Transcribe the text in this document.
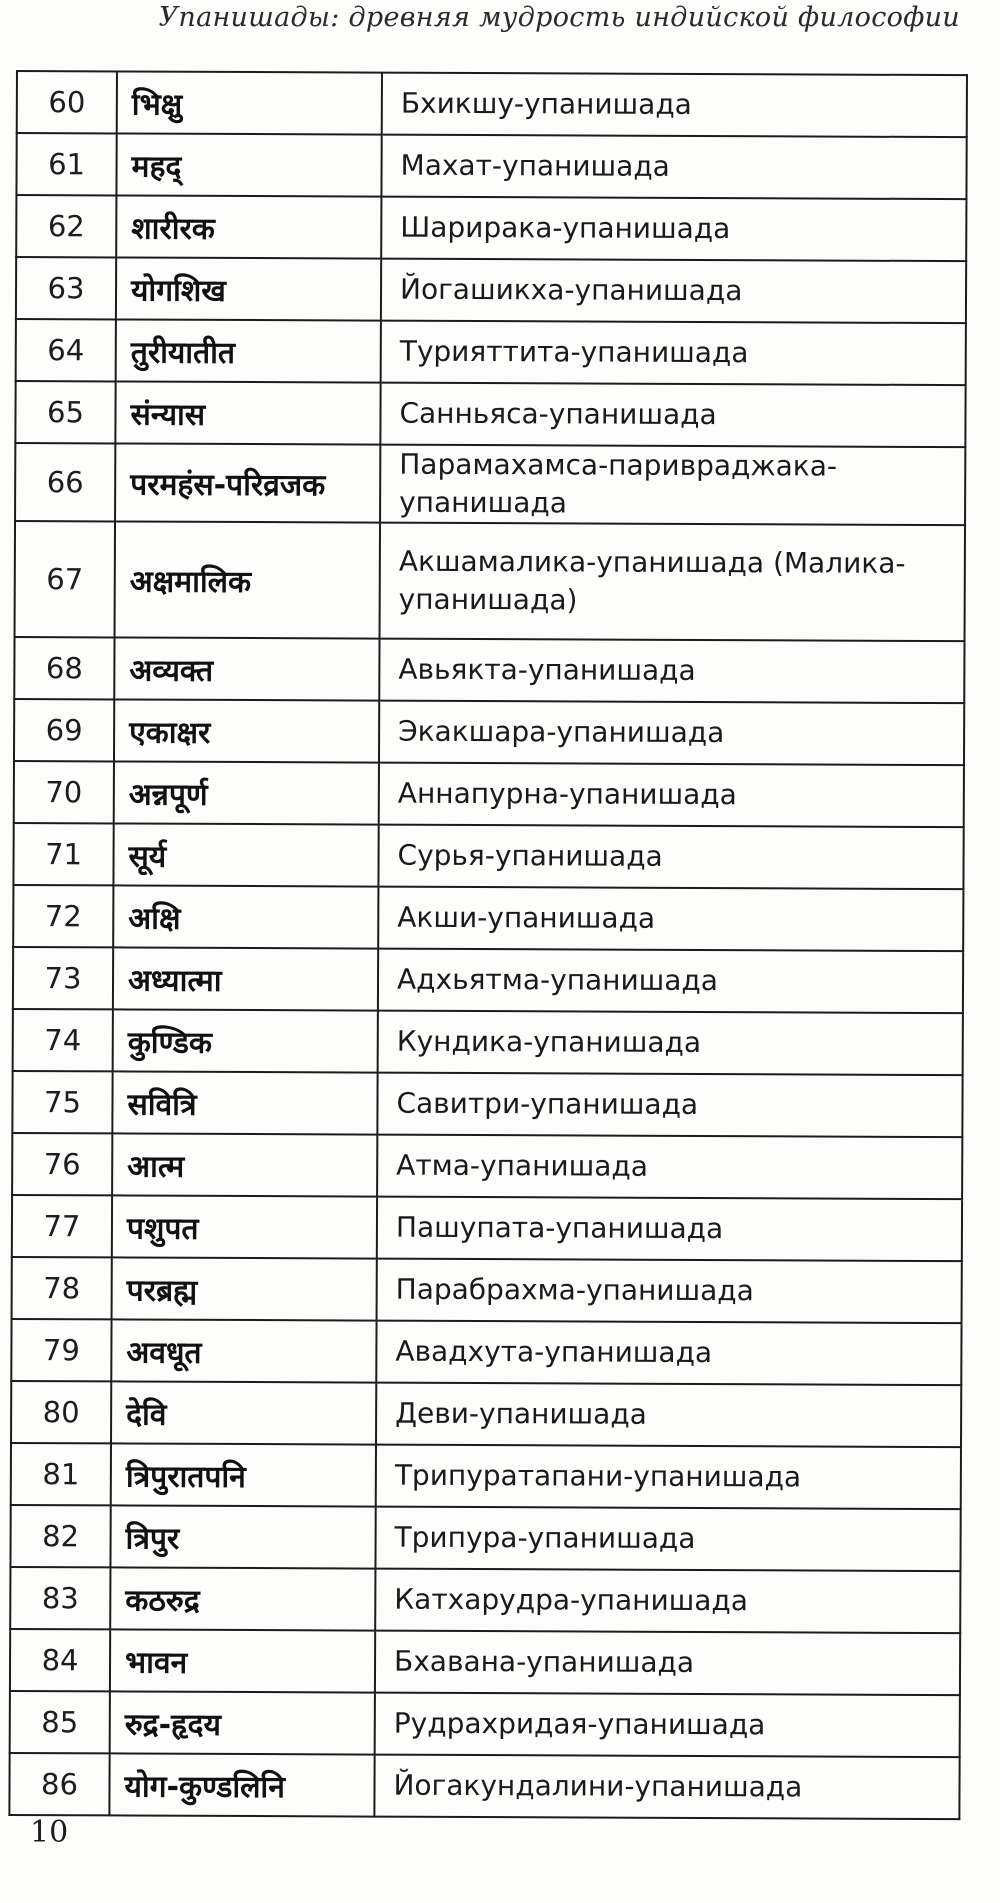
Упанишады: древняя мудрость индийской философии
60	भिक्षु	Бхикшу-упанишада
61	महद्	Махат-упанишада
62	शारीरक	Шарирака-упанишада
63	योगशिख	Йогашикха-упанишада
64	तुरीयातीत	Турияттита-упанишада
65	संन्यास	Санньяса-упанишада
66	परमहंस-परिव्रजक	Парамахамса-паривраджака-упанишада
67	अक्षमालिक	Акшамалика-упанишада (Малика-упанишада)
68	अव्यक्त	Авьякта-упанишада
69	एकाक्षर	Экакшара-упанишада
70	अन्नपूर्ण	Аннапурна-упанишада
71	सूर्य	Сурья-упанишада
72	अक्षि	Акши-упанишада
73	अध्यात्मा	Адхьятма-упанишада
74	कुण्डिक	Кундика-упанишада
75	सवित्रि	Савитри-упанишада
76	आत्म	Атма-упанишада
77	पशुपत	Пашупата-упанишада
78	परब्रह्म	Парабрахма-упанишада
79	अवधूत	Авадхута-упанишада
80	देवि	Деви-упанишада
81	त्रिपुरातपनि	Трипуратапани-упанишада
82	त्रिपुर	Трипура-упанишада
83	कठरुद्र	Катхарудра-упанишада
84	भावन	Бхавана-упанишада
85	रुद्र-हृदय	Рудрахридая-упанишада
86	योग-कुण्डलिनि	Йогакундалини-упанишада
10
